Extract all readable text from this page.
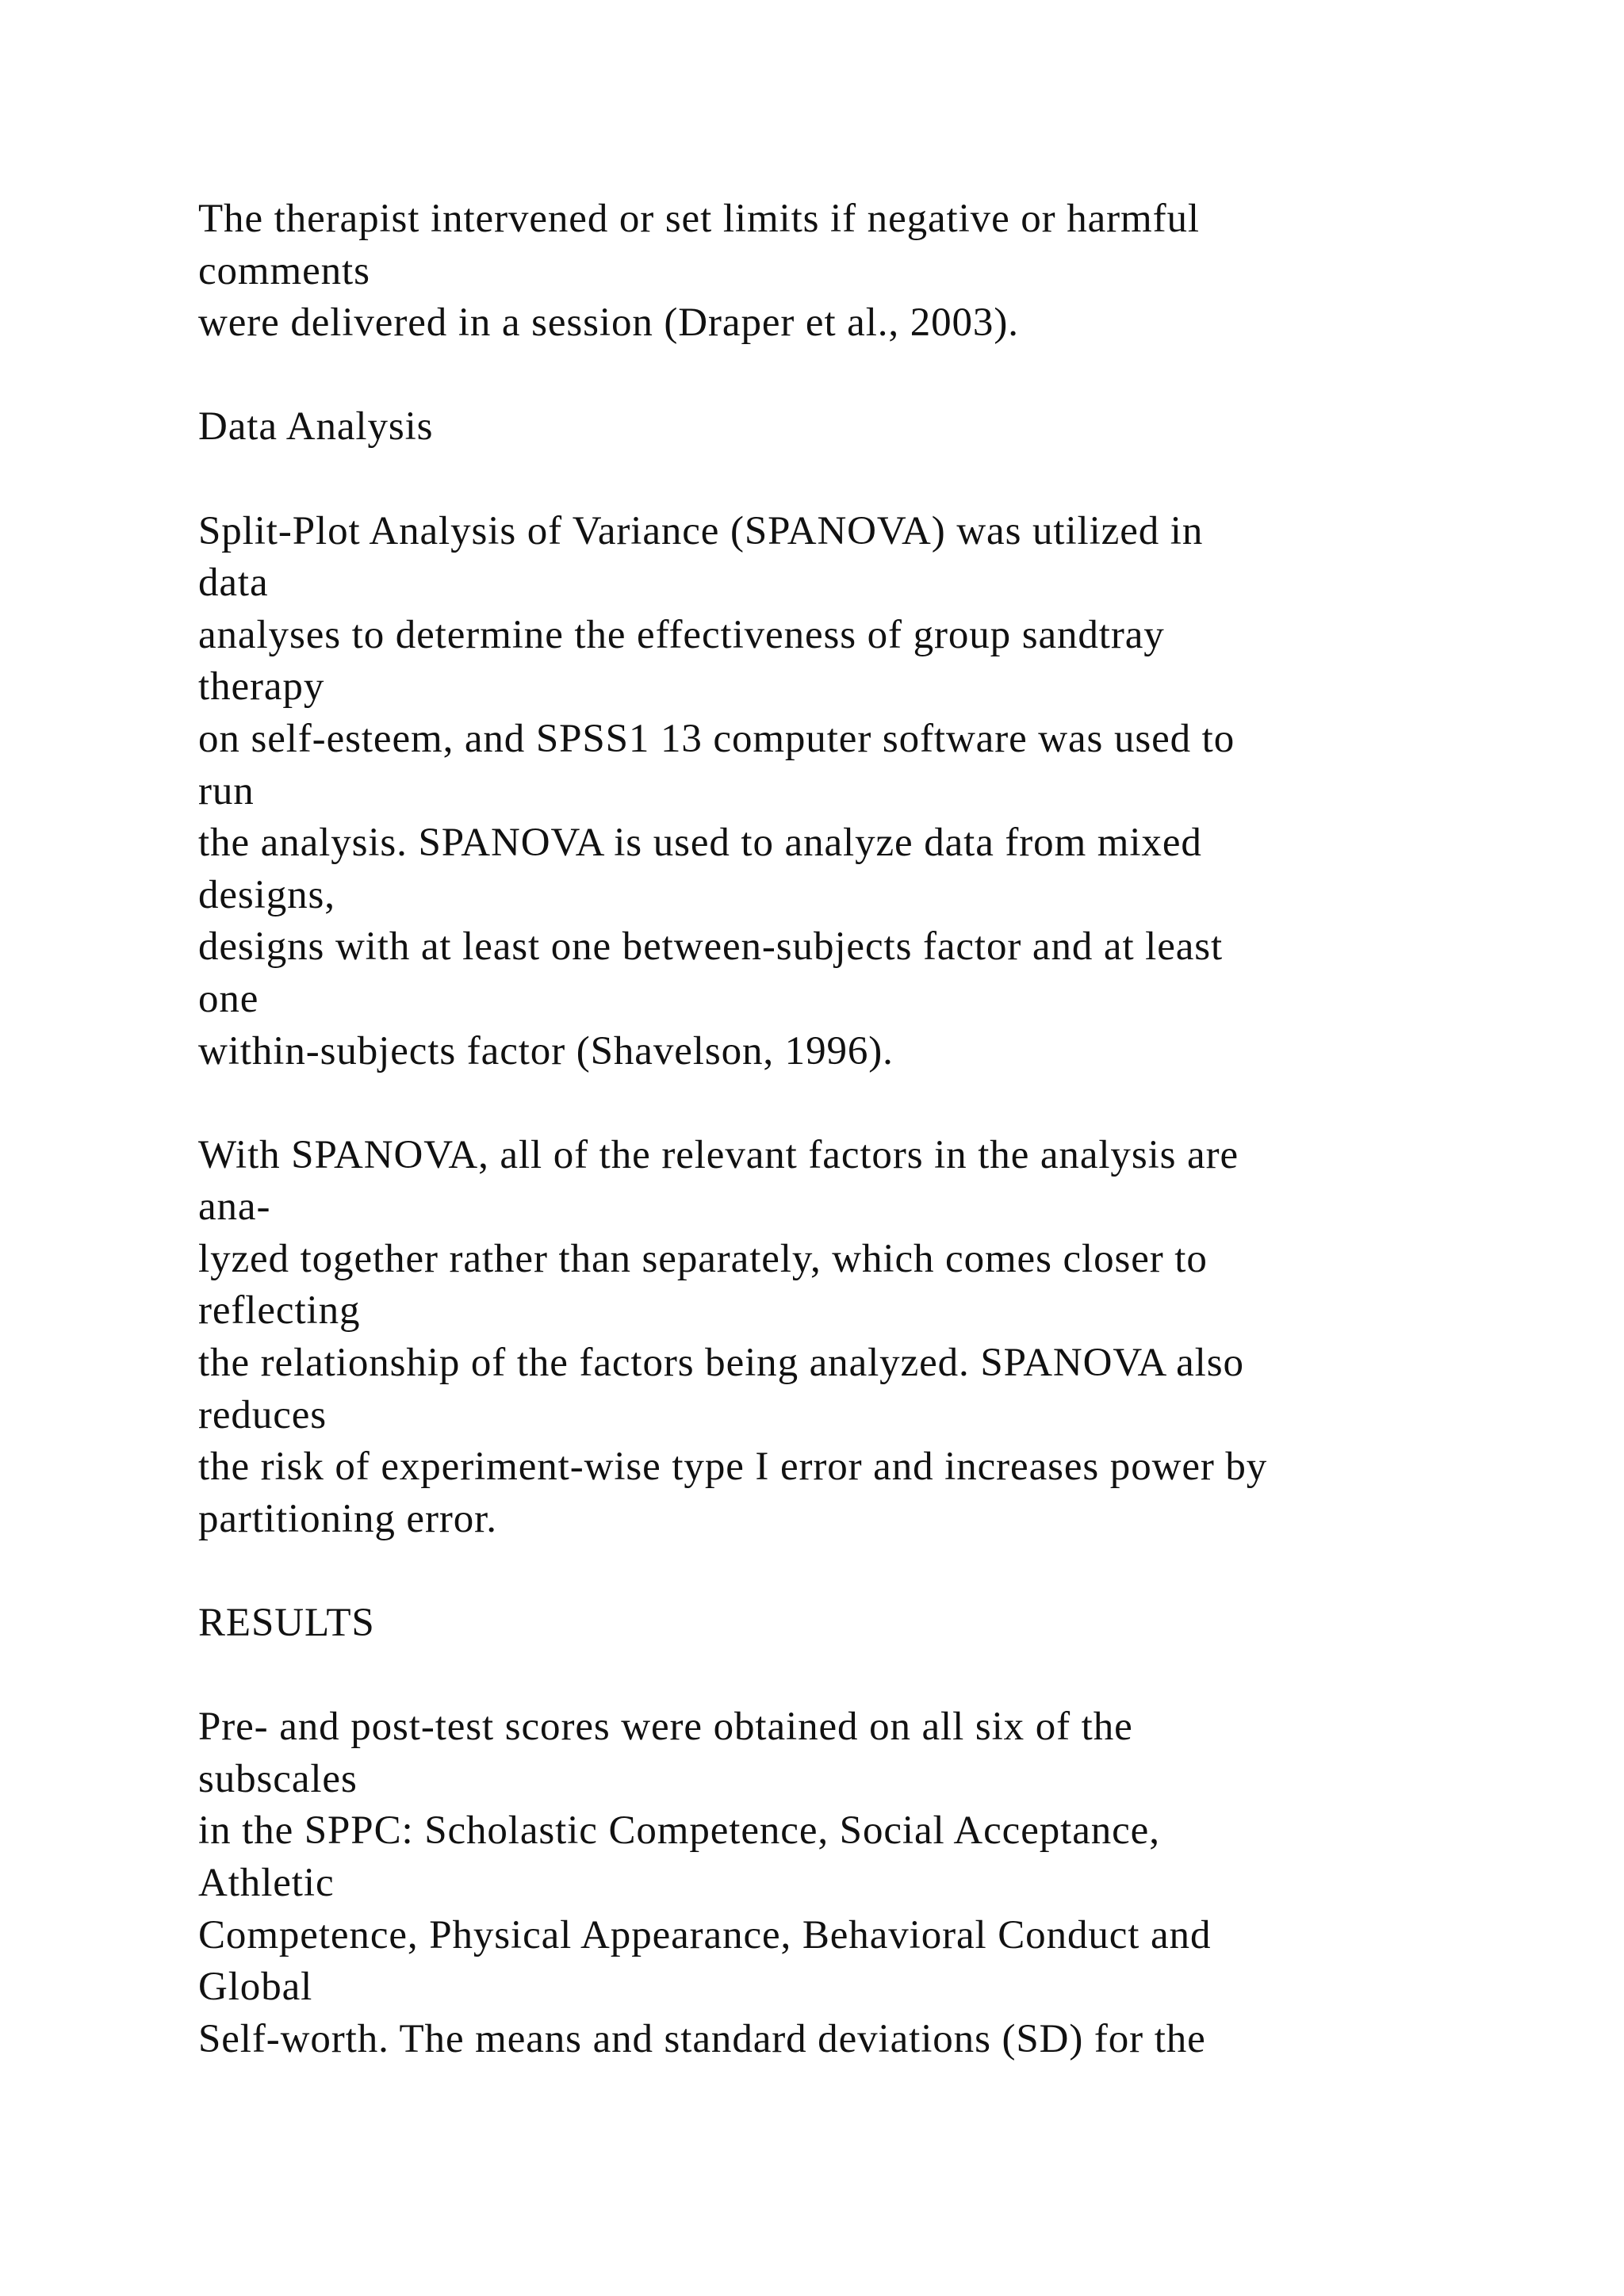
The therapist intervened or set limits if negative or harmful
comments
were delivered in a session (Draper et al., 2003).
Data Analysis
Split-Plot Analysis of Variance (SPANOVA) was utilized in
data
analyses to determine the effectiveness of group sandtray
therapy
on self-esteem, and SPSS1 13 computer software was used to
run
the analysis. SPANOVA is used to analyze data from mixed
designs,
designs with at least one between-subjects factor and at least
one
within-subjects factor (Shavelson, 1996).
With SPANOVA, all of the relevant factors in the analysis are
ana-
lyzed together rather than separately, which comes closer to
reflecting
the relationship of the factors being analyzed. SPANOVA also
reduces
the risk of experiment-wise type I error and increases power by
partitioning error.
RESULTS
Pre- and post-test scores were obtained on all six of the
subscales
in the SPPC: Scholastic Competence, Social Acceptance,
Athletic
Competence, Physical Appearance, Behavioral Conduct and
Global
Self-worth. The means and standard deviations (SD) for the
